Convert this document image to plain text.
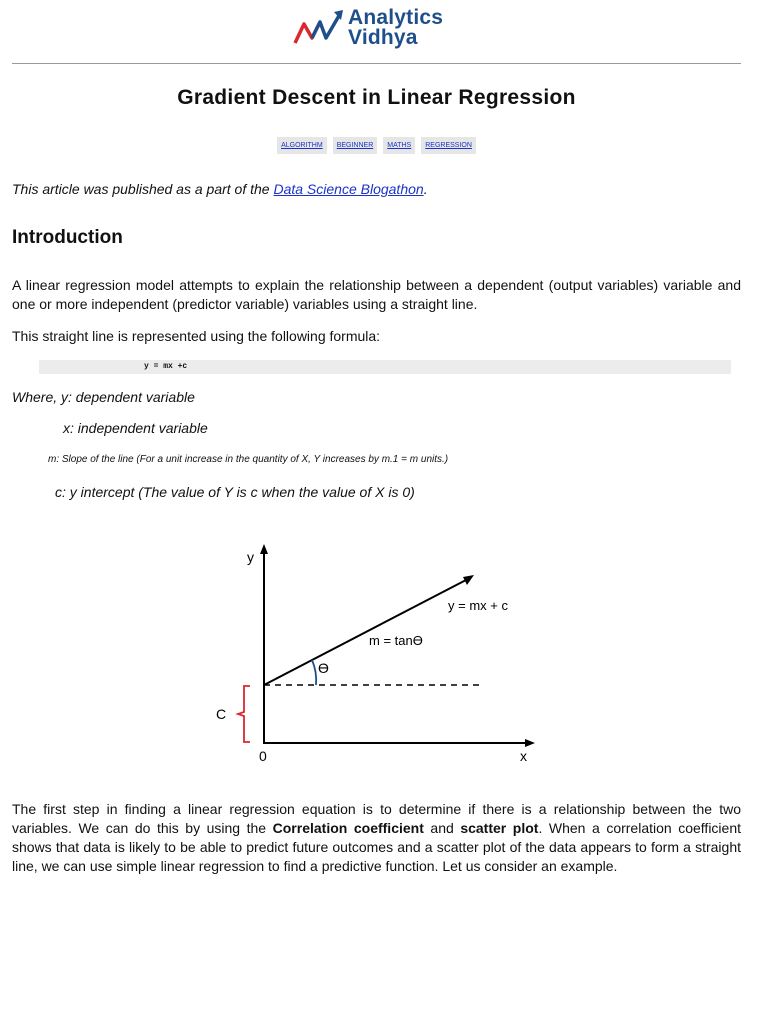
Analytics
Vidhya
Gradient Descent in Linear Regression
ALGORITHM BEGINNER MATHS REGRESSION

This article was published as a part of the Data Science Blogathon.

Introduction

A linear regression model attempts to explain the relationship between a dependent (output variables) variable and one or more independent (predictor variable) variables using a straight line.

This straight line is represented using the following formula:

y = mx +c

Where, y: dependent variable

x: independent variable

m: Slope of the line (For a unit increase in the quantity of X, Y increases by m.1 = m units.)

c: y intercept (The value of Y is c when the value of X is 0)

y
x
0
y = mx + c
m = tanϴ
ϴ
C

The first step in finding a linear regression equation is to determine if there is a relationship between the two variables. We can do this by using the Correlation coefficient and scatter plot. When a correlation coefficient shows that data is likely to be able to predict future outcomes and a scatter plot of the data appears to form a straight line, we can use simple linear regression to find a predictive function. Let us consider an example.
